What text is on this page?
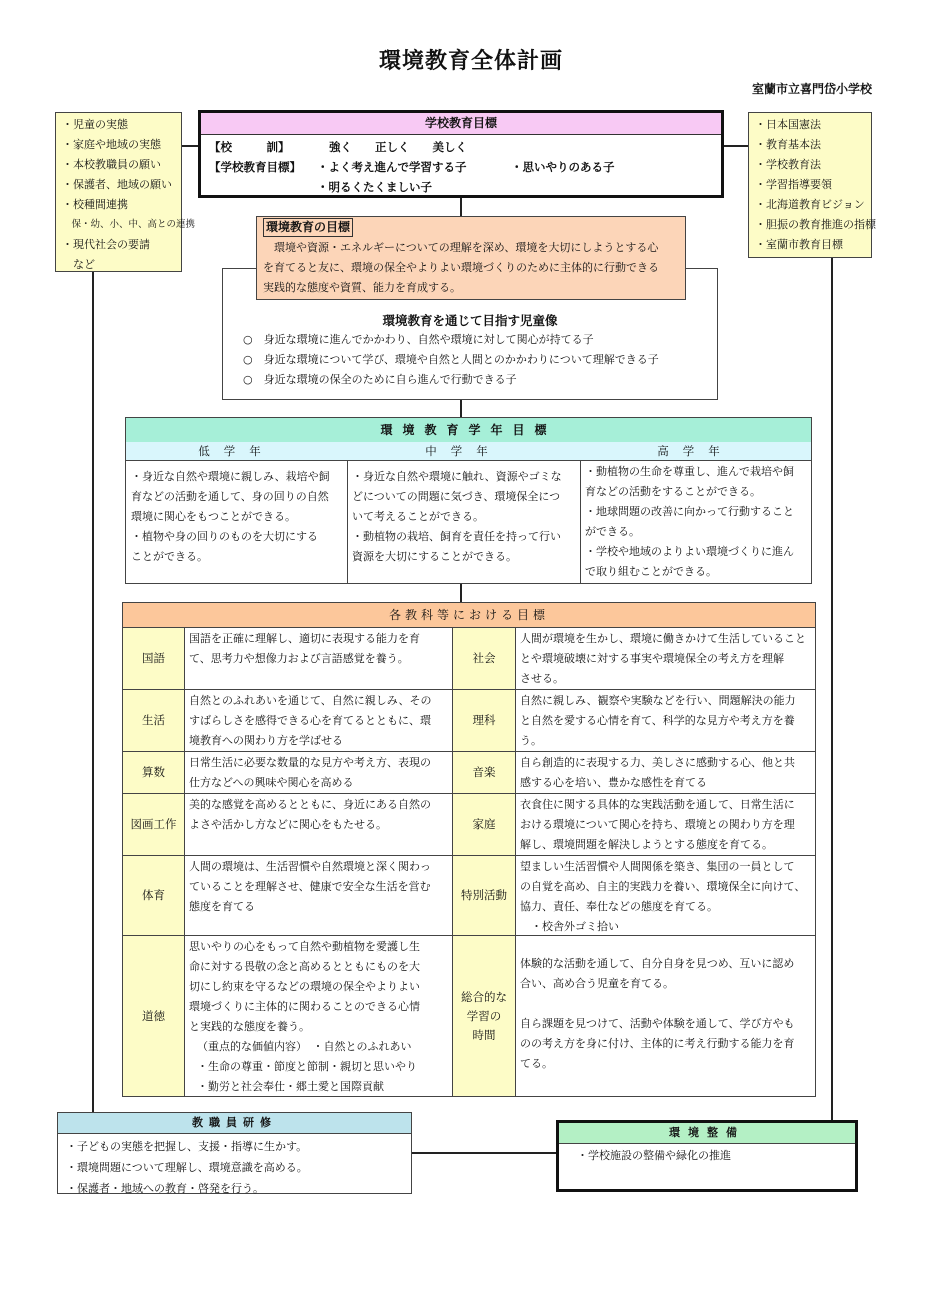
環境教育全体計画
室蘭市立喜門岱小学校
・児童の実態
・家庭や地域の実態
・本校教職員の願い
・保護者、地域の願い
・校種間連携
　保・幼、小、中、高との連携
・現代社会の要請
　など
・日本国憲法
・教育基本法
・学校教育法
・学習指導要領
・北海道教育ビジョン
・胆振の教育推進の指標
・室蘭市教育目標
学校教育目標
【校　　　訓】	強く　　正しく　　美しく
【学校教育目標】 ・よく考え進んで学習する子	・思いやりのある子
・明るくたくましい子
環境教育を通じて目指す児童像
○　身近な環境に進んでかかわり、自然や環境に対して関心が持てる子
○　身近な環境について学び、環境や自然と人間とのかかわりについて理解できる子
○　身近な環境の保全のために自ら進んで行動できる子
環境教育の目標
　環境や資源・エネルギーについての理解を深め、環境を大切にしようとする心
を育てると友に、環境の保全やよりよい環境づくりのために主体的に行動できる
実践的な態度や資質、能力を育成する。
環境教育学年目標
低学年
・身近な自然や環境に親しみ、栽培や飼
育などの活動を通して、身の回りの自然
環境に関心をもつことができる。
・植物や身の回りのものを大切にする
ことができる。
中学年
・身近な自然や環境に触れ、資源やゴミな
どについての問題に気づき、環境保全につ
いて考えることができる。
・動植物の栽培、飼育を責任を持って行い
資源を大切にすることができる。
高学年
・動植物の生命を尊重し、進んで栽培や飼
育などの活動をすることができる。
・地球問題の改善に向かって行動すること
ができる。
・学校や地域のよりよい環境づくりに進ん
で取り組むことができる。
各教科等における目標
国語
国語を正確に理解し、適切に表現する能力を育
て、思考力や想像力および言語感覚を養う。
生活
自然とのふれあいを通じて、自然に親しみ、その
すばらしさを感得できる心を育てるとともに、環
境教育への関わり方を学ばせる
算数
日常生活に必要な数量的な見方や考え方、表現の
仕方などへの興味や関心を高める
図画工作
美的な感覚を高めるとともに、身近にある自然の
よさや活かし方などに関心をもたせる。
体育
人間の環境は、生活習慣や自然環境と深く関わっ
ていることを理解させ、健康で安全な生活を営む
態度を育てる
道徳
思いやりの心をもって自然や動植物を愛護し生
命に対する畏敬の念と高めるとともにものを大
切にし約束を守るなどの環境の保全やよりよい
環境づくりに主体的に関わることのできる心情
と実践的な態度を養う。
（重点的な価値内容）　・自然とのふれあい
・生命の尊重・節度と節制・親切と思いやり
・勤労と社会奉仕・郷土愛と国際貢献
社会
人間が環境を生かし、環境に働きかけて生活していること
とや環境破壊に対する事実や環境保全の考え方を理解
させる。
理科
自然に親しみ、観察や実験などを行い、問題解決の能力
と自然を愛する心情を育て、科学的な見方や考え方を養
う。
音楽
自ら創造的に表現する力、美しさに感動する心、他と共
感する心を培い、豊かな感性を育てる
家庭
衣食住に関する具体的な実践活動を通して、日常生活に
おける環境について関心を持ち、環境との関わり方を理
解し、環境問題を解決しようとする態度を育てる。
特別活動
望ましい生活習慣や人間関係を築き、集団の一員として
の自覚を高め、自主的実践力を養い、環境保全に向けて、
協力、責任、奉仕などの態度を育てる。
　・校舎外ゴミ拾い
総合的な
学習の
時間
体験的な活動を通して、自分自身を見つめ、互いに認め
合い、高め合う児童を育てる。
自ら課題を見つけて、活動や体験を通して、学び方やも
のの考え方を身に付け、主体的に考え行動する能力を育
てる。
教職員研修
・子どもの実態を把握し、支援・指導に生かす。
・環境問題について理解し、環境意識を高める。
・保護者・地域への教育・啓発を行う。
環境整備
・学校施設の整備や緑化の推進
